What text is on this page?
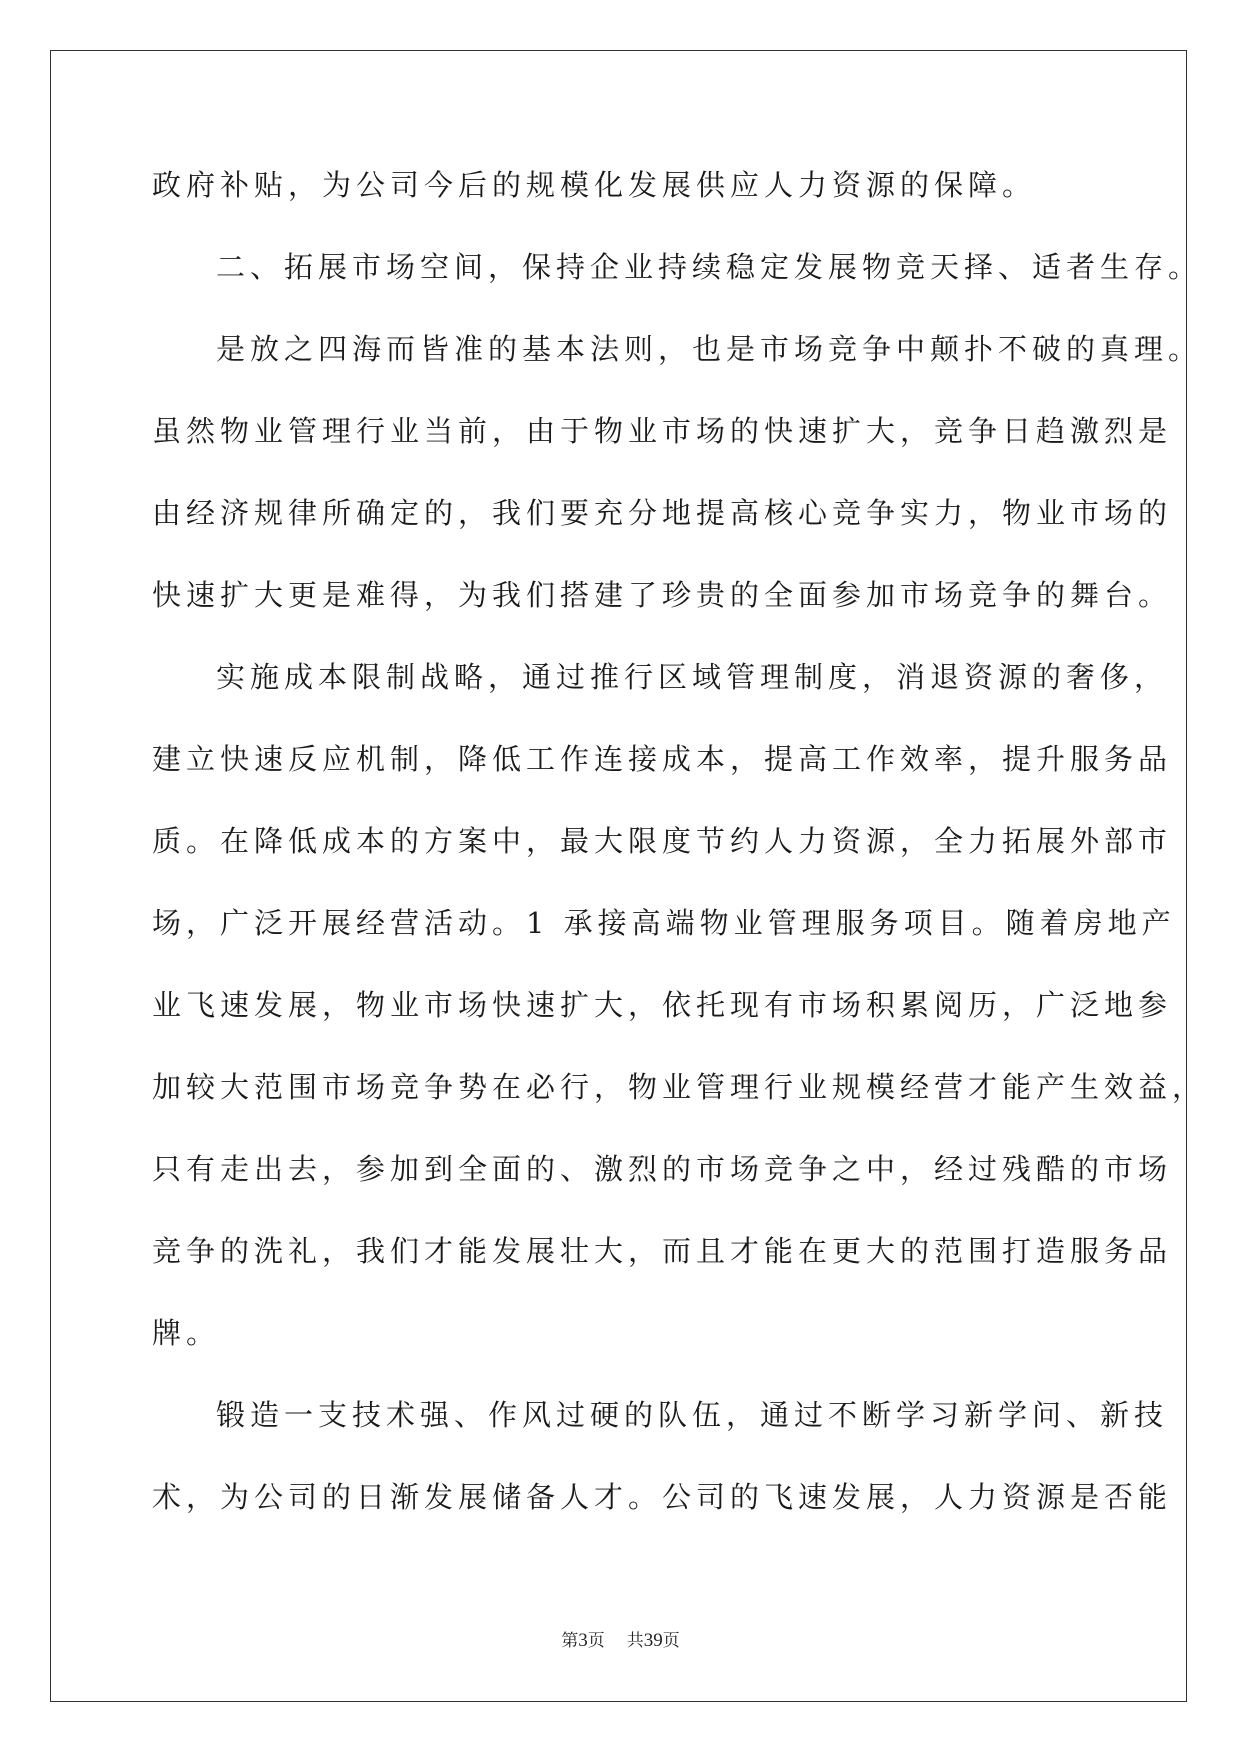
政府补贴，为公司今后的规模化发展供应人力资源的保障。
二、拓展市场空间，保持企业持续稳定发展物竞天择、适者生存。
是放之四海而皆准的基本法则，也是市场竞争中颠扑不破的真理。
虽然物业管理行业当前，由于物业市场的快速扩大，竞争日趋激烈是
由经济规律所确定的，我们要充分地提高核心竞争实力，物业市场的
快速扩大更是难得，为我们搭建了珍贵的全面参加市场竞争的舞台。
实施成本限制战略，通过推行区域管理制度，消退资源的奢侈，
建立快速反应机制，降低工作连接成本，提高工作效率，提升服务品
质。在降低成本的方案中，最大限度节约人力资源，全力拓展外部市
场，广泛开展经营活动。1 承接高端物业管理服务项目。随着房地产
业飞速发展，物业市场快速扩大，依托现有市场积累阅历，广泛地参
加较大范围市场竞争势在必行，物业管理行业规模经营才能产生效益，
只有走出去，参加到全面的、激烈的市场竞争之中，经过残酷的市场
竞争的洗礼，我们才能发展壮大，而且才能在更大的范围打造服务品
牌。
锻造一支技术强、作风过硬的队伍，通过不断学习新学问、新技
术，为公司的日渐发展储备人才。公司的飞速发展，人力资源是否能
第3页 共39页
